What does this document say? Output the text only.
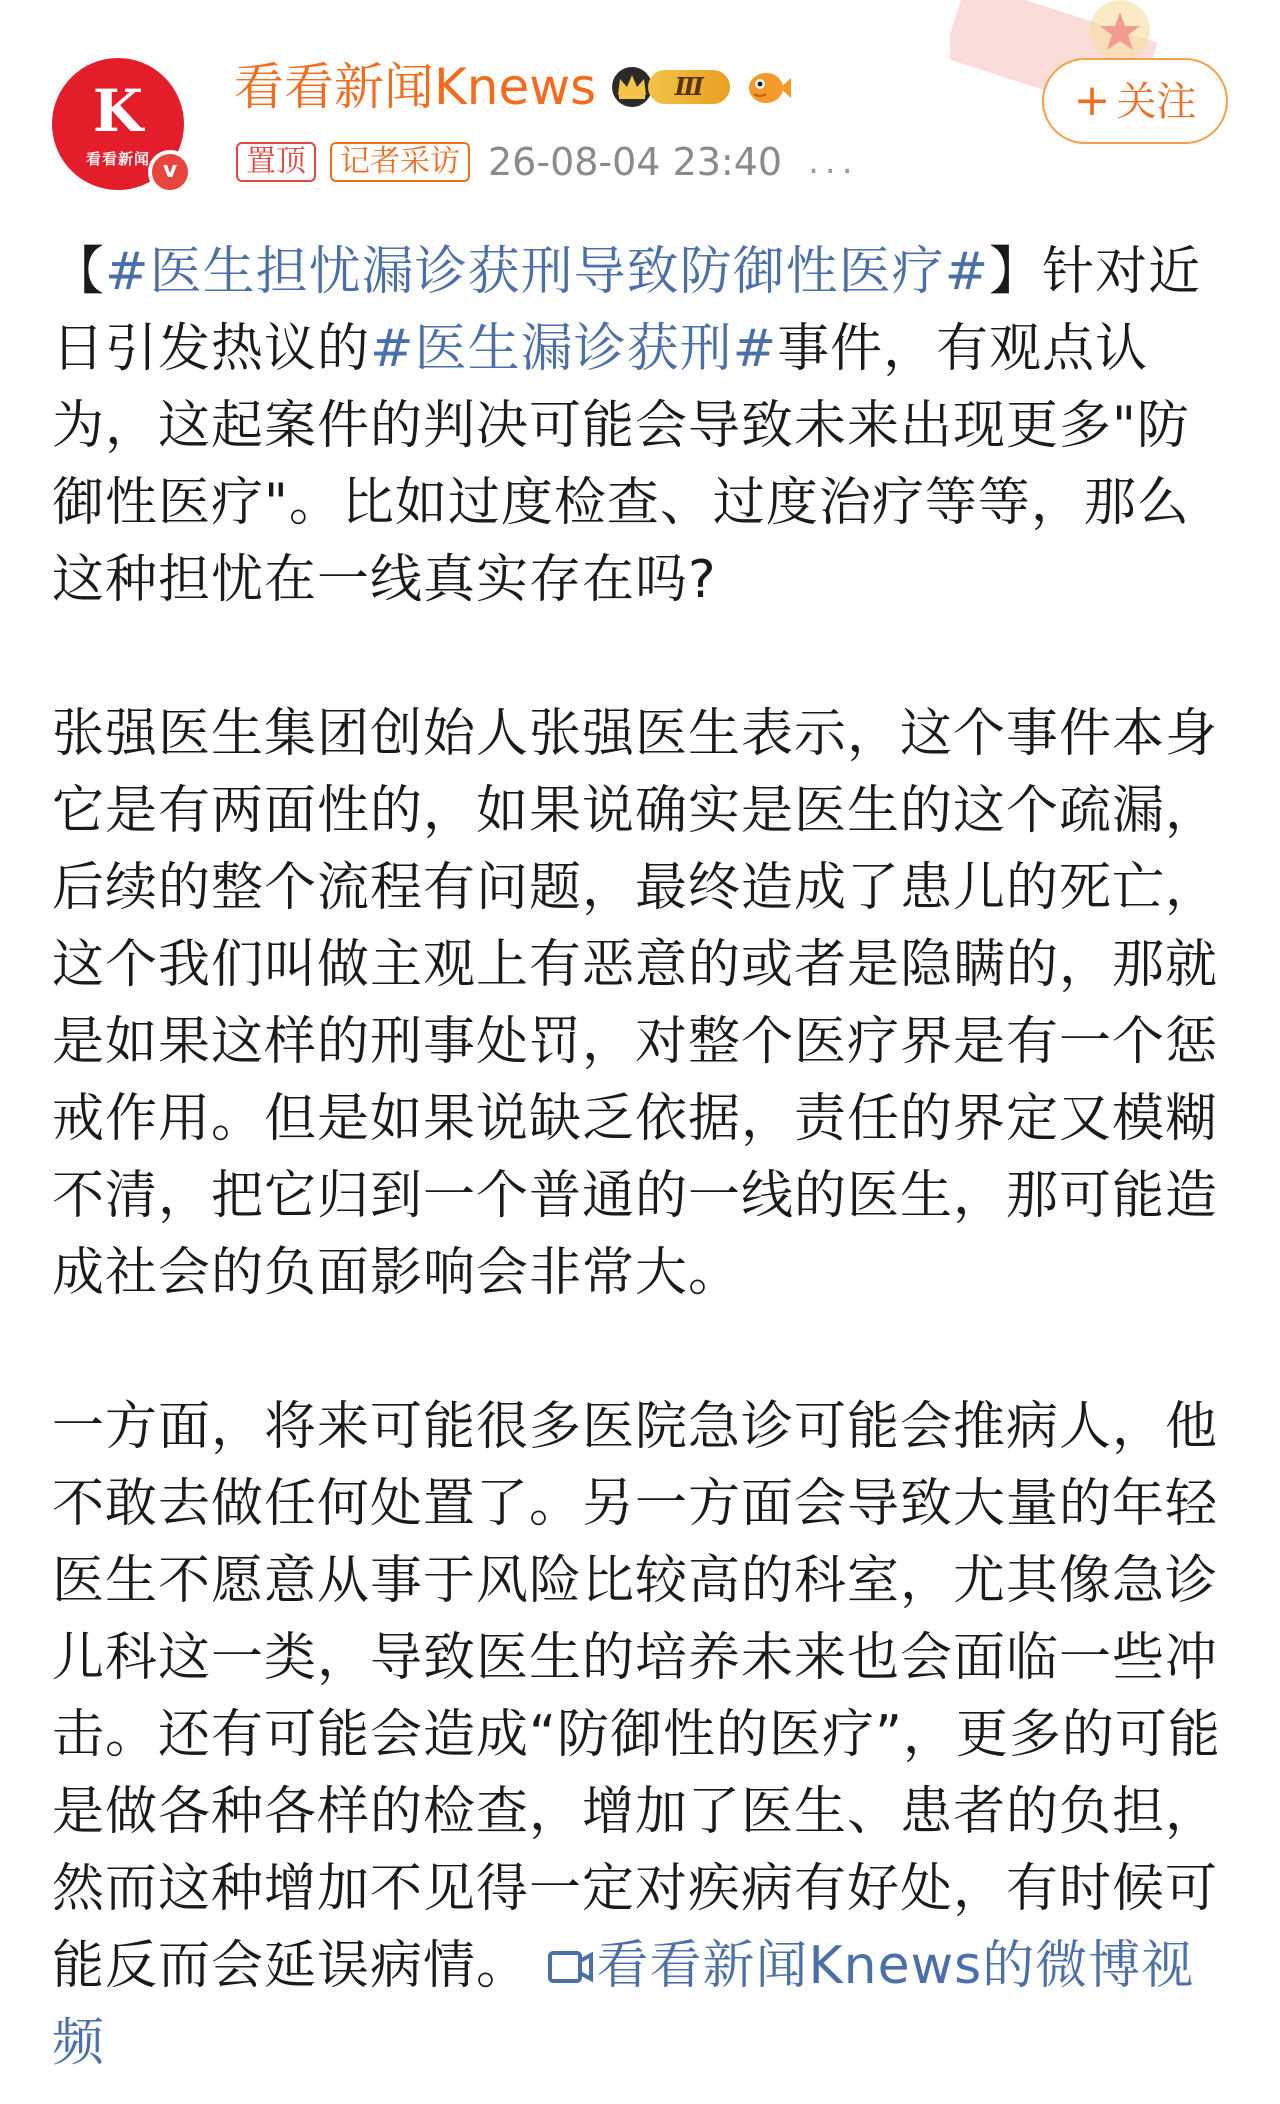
K
看看新闻 v
看看新闻Knews	Ⅲ
置顶	记者采访 26-08-04 23:40 ...
+ 关注

【#医生担忧漏诊获刑导致防御性医疗#】针对近日引发热议的#医生漏诊获刑#事件，有观点认为，这起案件的判决可能会导致未来出现更多"防御性医疗"。比如过度检查、过度治疗等等，那么这种担忧在一线真实存在吗?

张强医生集团创始人张强医生表示，这个事件本身它是有两面性的，如果说确实是医生的这个疏漏，后续的整个流程有问题，最终造成了患儿的死亡，这个我们叫做主观上有恶意的或者是隐瞒的，那就是如果这样的刑事处罚，对整个医疗界是有一个惩戒作用。但是如果说缺乏依据，责任的界定又模糊不清，把它归到一个普通的一线的医生，那可能造成社会的负面影响会非常大。

一方面，将来可能很多医院急诊可能会推病人，他不敢去做任何处置了。另一方面会导致大量的年轻医生不愿意从事于风险比较高的科室，尤其像急诊儿科这一类，导致医生的培养未来也会面临一些冲击。还有可能会造成“防御性的医疗”，更多的可能是做各种各样的检查，增加了医生、患者的负担，然而这种增加不见得一定对疾病有好处，有时候可能反而会延误病情。 看看新闻Knews的微博视频
